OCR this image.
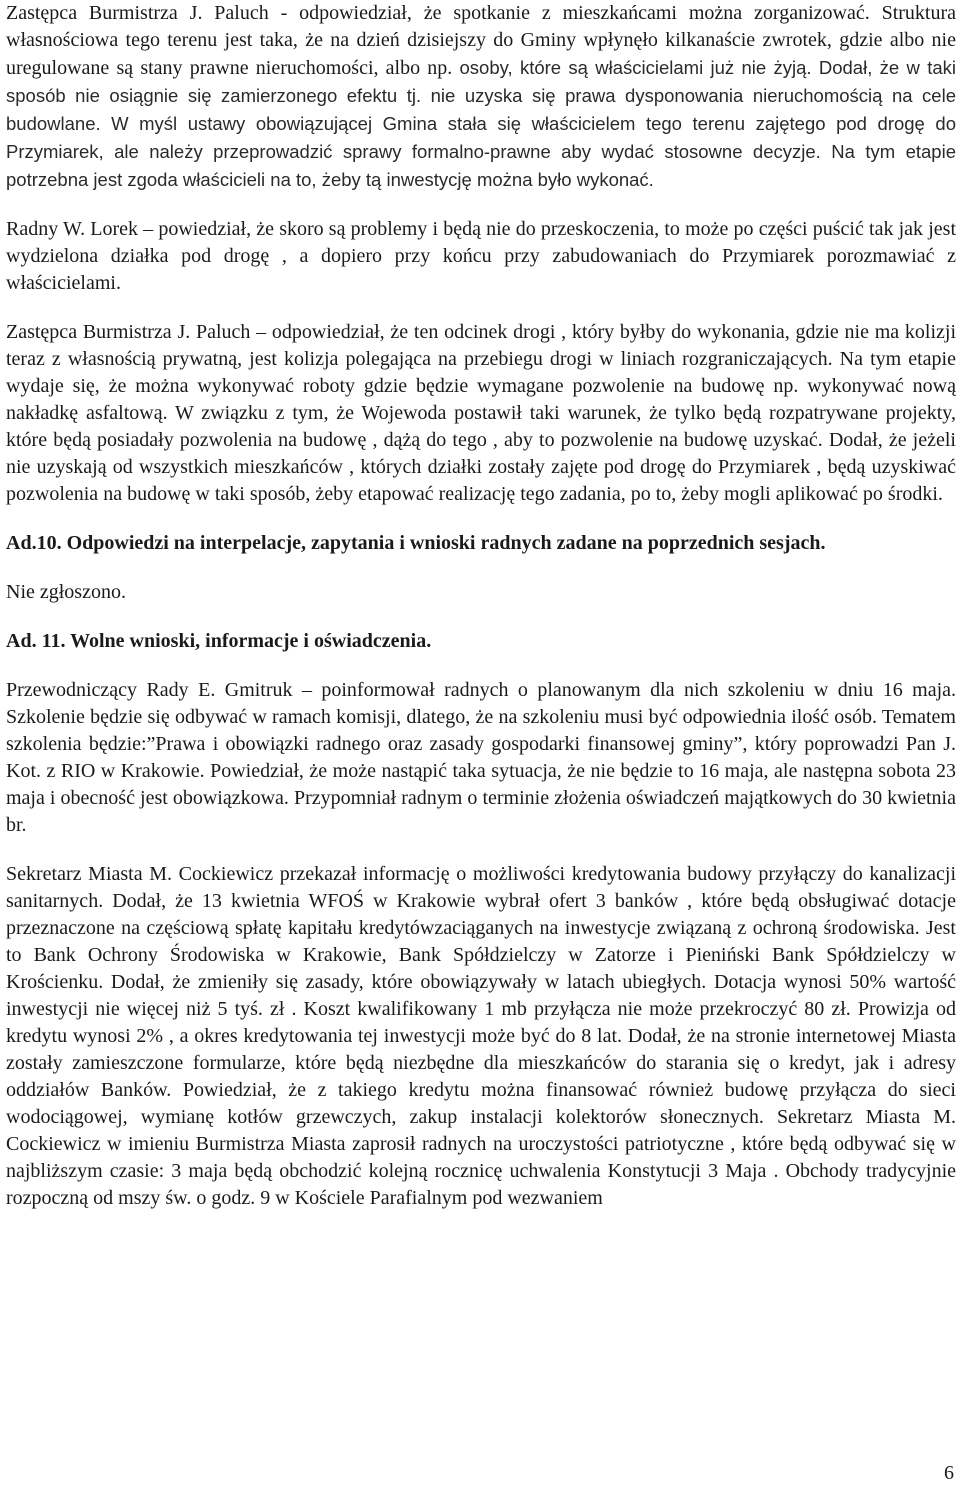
Zastępca Burmistrza J. Paluch - odpowiedział, że spotkanie z mieszkańcami można zorganizować. Struktura własnościowa tego terenu jest taka, że na dzień dzisiejszy do Gminy wpłynęło kilkanaście zwrotek, gdzie albo nie uregulowane są stany prawne nieruchomości, albo np. osoby, które są właścicielami już nie żyją. Dodał, że w taki sposób nie osiągnie się zamierzonego efektu tj. nie uzyska się prawa dysponowania nieruchomością na cele budowlane. W myśl ustawy obowiązującej Gmina stała się właścicielem tego terenu zajętego pod drogę do Przymiarek, ale należy przeprowadzić sprawy formalno-prawne aby wydać stosowne decyzje. Na tym etapie potrzebna jest zgoda właścicieli na to, żeby tą inwestycję można było wykonać.

Radny W. Lorek – powiedział, że skoro są problemy i będą nie do przeskoczenia, to może po części puścić tak jak jest wydzielona działka pod drogę , a dopiero przy końcu przy zabudowaniach do Przymiarek porozmawiać z właścicielami.

Zastępca Burmistrza J. Paluch – odpowiedział, że ten odcinek drogi , który byłby do wykonania, gdzie nie ma kolizji teraz z własnością prywatną, jest kolizja polegająca na przebiegu drogi w liniach rozgraniczających. Na tym etapie wydaje się, że można wykonywać roboty gdzie będzie wymagane pozwolenie na budowę np. wykonywać nową nakładkę asfaltową. W związku z tym, że Wojewoda postawił taki warunek, że tylko będą rozpatrywane projekty, które będą posiadały pozwolenia na budowę , dążą do tego , aby to pozwolenie na budowę uzyskać. Dodał, że jeżeli nie uzyskają od wszystkich mieszkańców , których działki zostały zajęte pod drogę do Przymiarek , będą uzyskiwać pozwolenia na budowę w taki sposób, żeby etapować realizację tego zadania, po to, żeby mogli aplikować po środki.

Ad.10. Odpowiedzi na interpelacje, zapytania i wnioski radnych zadane na poprzednich sesjach.

Nie zgłoszono.

Ad. 11. Wolne wnioski, informacje i oświadczenia.

Przewodniczący Rady E. Gmitruk – poinformował radnych o planowanym dla nich szkoleniu w dniu 16 maja. Szkolenie będzie się odbywać w ramach komisji, dlatego, że na szkoleniu musi być odpowiednia ilość osób. Tematem szkolenia będzie:”Prawa i obowiązki radnego oraz zasady gospodarki finansowej gminy”, który poprowadzi Pan J. Kot. z RIO w Krakowie. Powiedział, że może nastąpić taka sytuacja, że nie będzie to 16 maja, ale następna sobota 23 maja i obecność jest obowiązkowa. Przypomniał radnym o terminie złożenia oświadczeń majątkowych do 30 kwietnia br.

Sekretarz Miasta M. Cockiewicz przekazał informację o możliwości kredytowania budowy przyłączy do kanalizacji sanitarnych. Dodał, że 13 kwietnia WFOŚ w Krakowie wybrał ofert 3 banków , które będą obsługiwać dotacje przeznaczone na częściową spłatę kapitału kredytówzaciąganych na inwestycje związaną z ochroną środowiska. Jest to Bank Ochrony Środowiska w Krakowie, Bank Spółdzielczy w Zatorze i Pieniński Bank Spółdzielczy w Krościenku. Dodał, że zmieniły się zasady, które obowiązywały w latach ubiegłych. Dotacja wynosi 50% wartość inwestycji nie więcej niż 5 tyś. zł . Koszt kwalifikowany 1 mb przyłącza nie może przekroczyć 80 zł. Prowizja od kredytu wynosi 2% , a okres kredytowania tej inwestycji może być do 8 lat. Dodał, że na stronie internetowej Miasta zostały zamieszczone formularze, które będą niezbędne dla mieszkańców do starania się o kredyt, jak i adresy oddziałów Banków. Powiedział, że z takiego kredytu można finansować również budowę przyłącza do sieci wodociągowej, wymianę kotłów grzewczych, zakup instalacji kolektorów słonecznych. Sekretarz Miasta M. Cockiewicz w imieniu Burmistrza Miasta zaprosił radnych na uroczystości patriotyczne , które będą odbywać się w najbliższym czasie: 3 maja będą obchodzić kolejną rocznicę uchwalenia Konstytucji 3 Maja . Obchody tradycyjnie rozpoczną od mszy św. o godz. 9 w Kościele Parafialnym pod wezwaniem

6
